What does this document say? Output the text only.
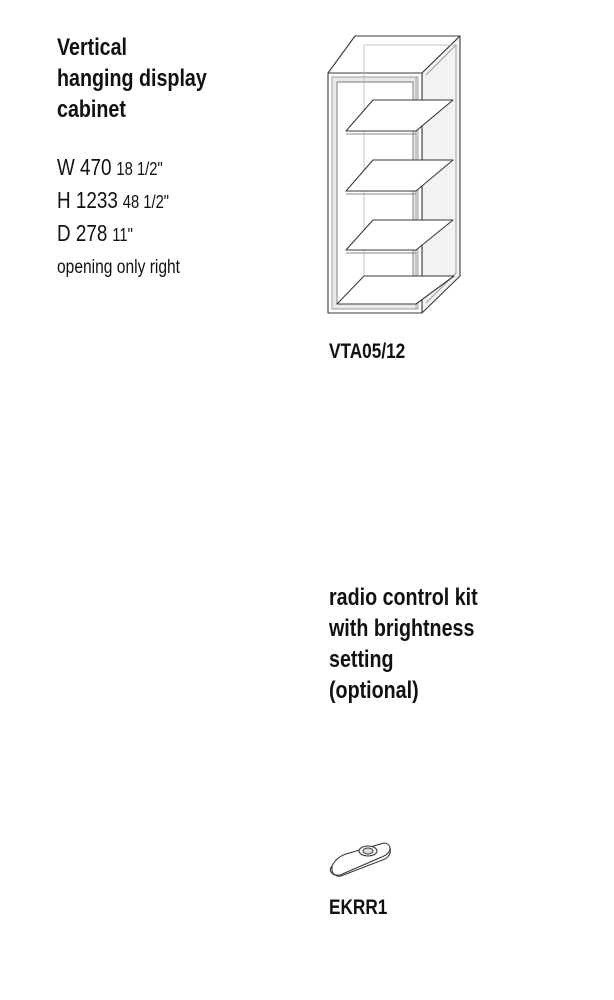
Vertical
hanging display
cabinet
W 470 18 1/2"
H 1233 48 1/2"
D 278 11"
opening only right
VTA05/12
radio control kit
with brightness
setting
(optional)
EKRR1
